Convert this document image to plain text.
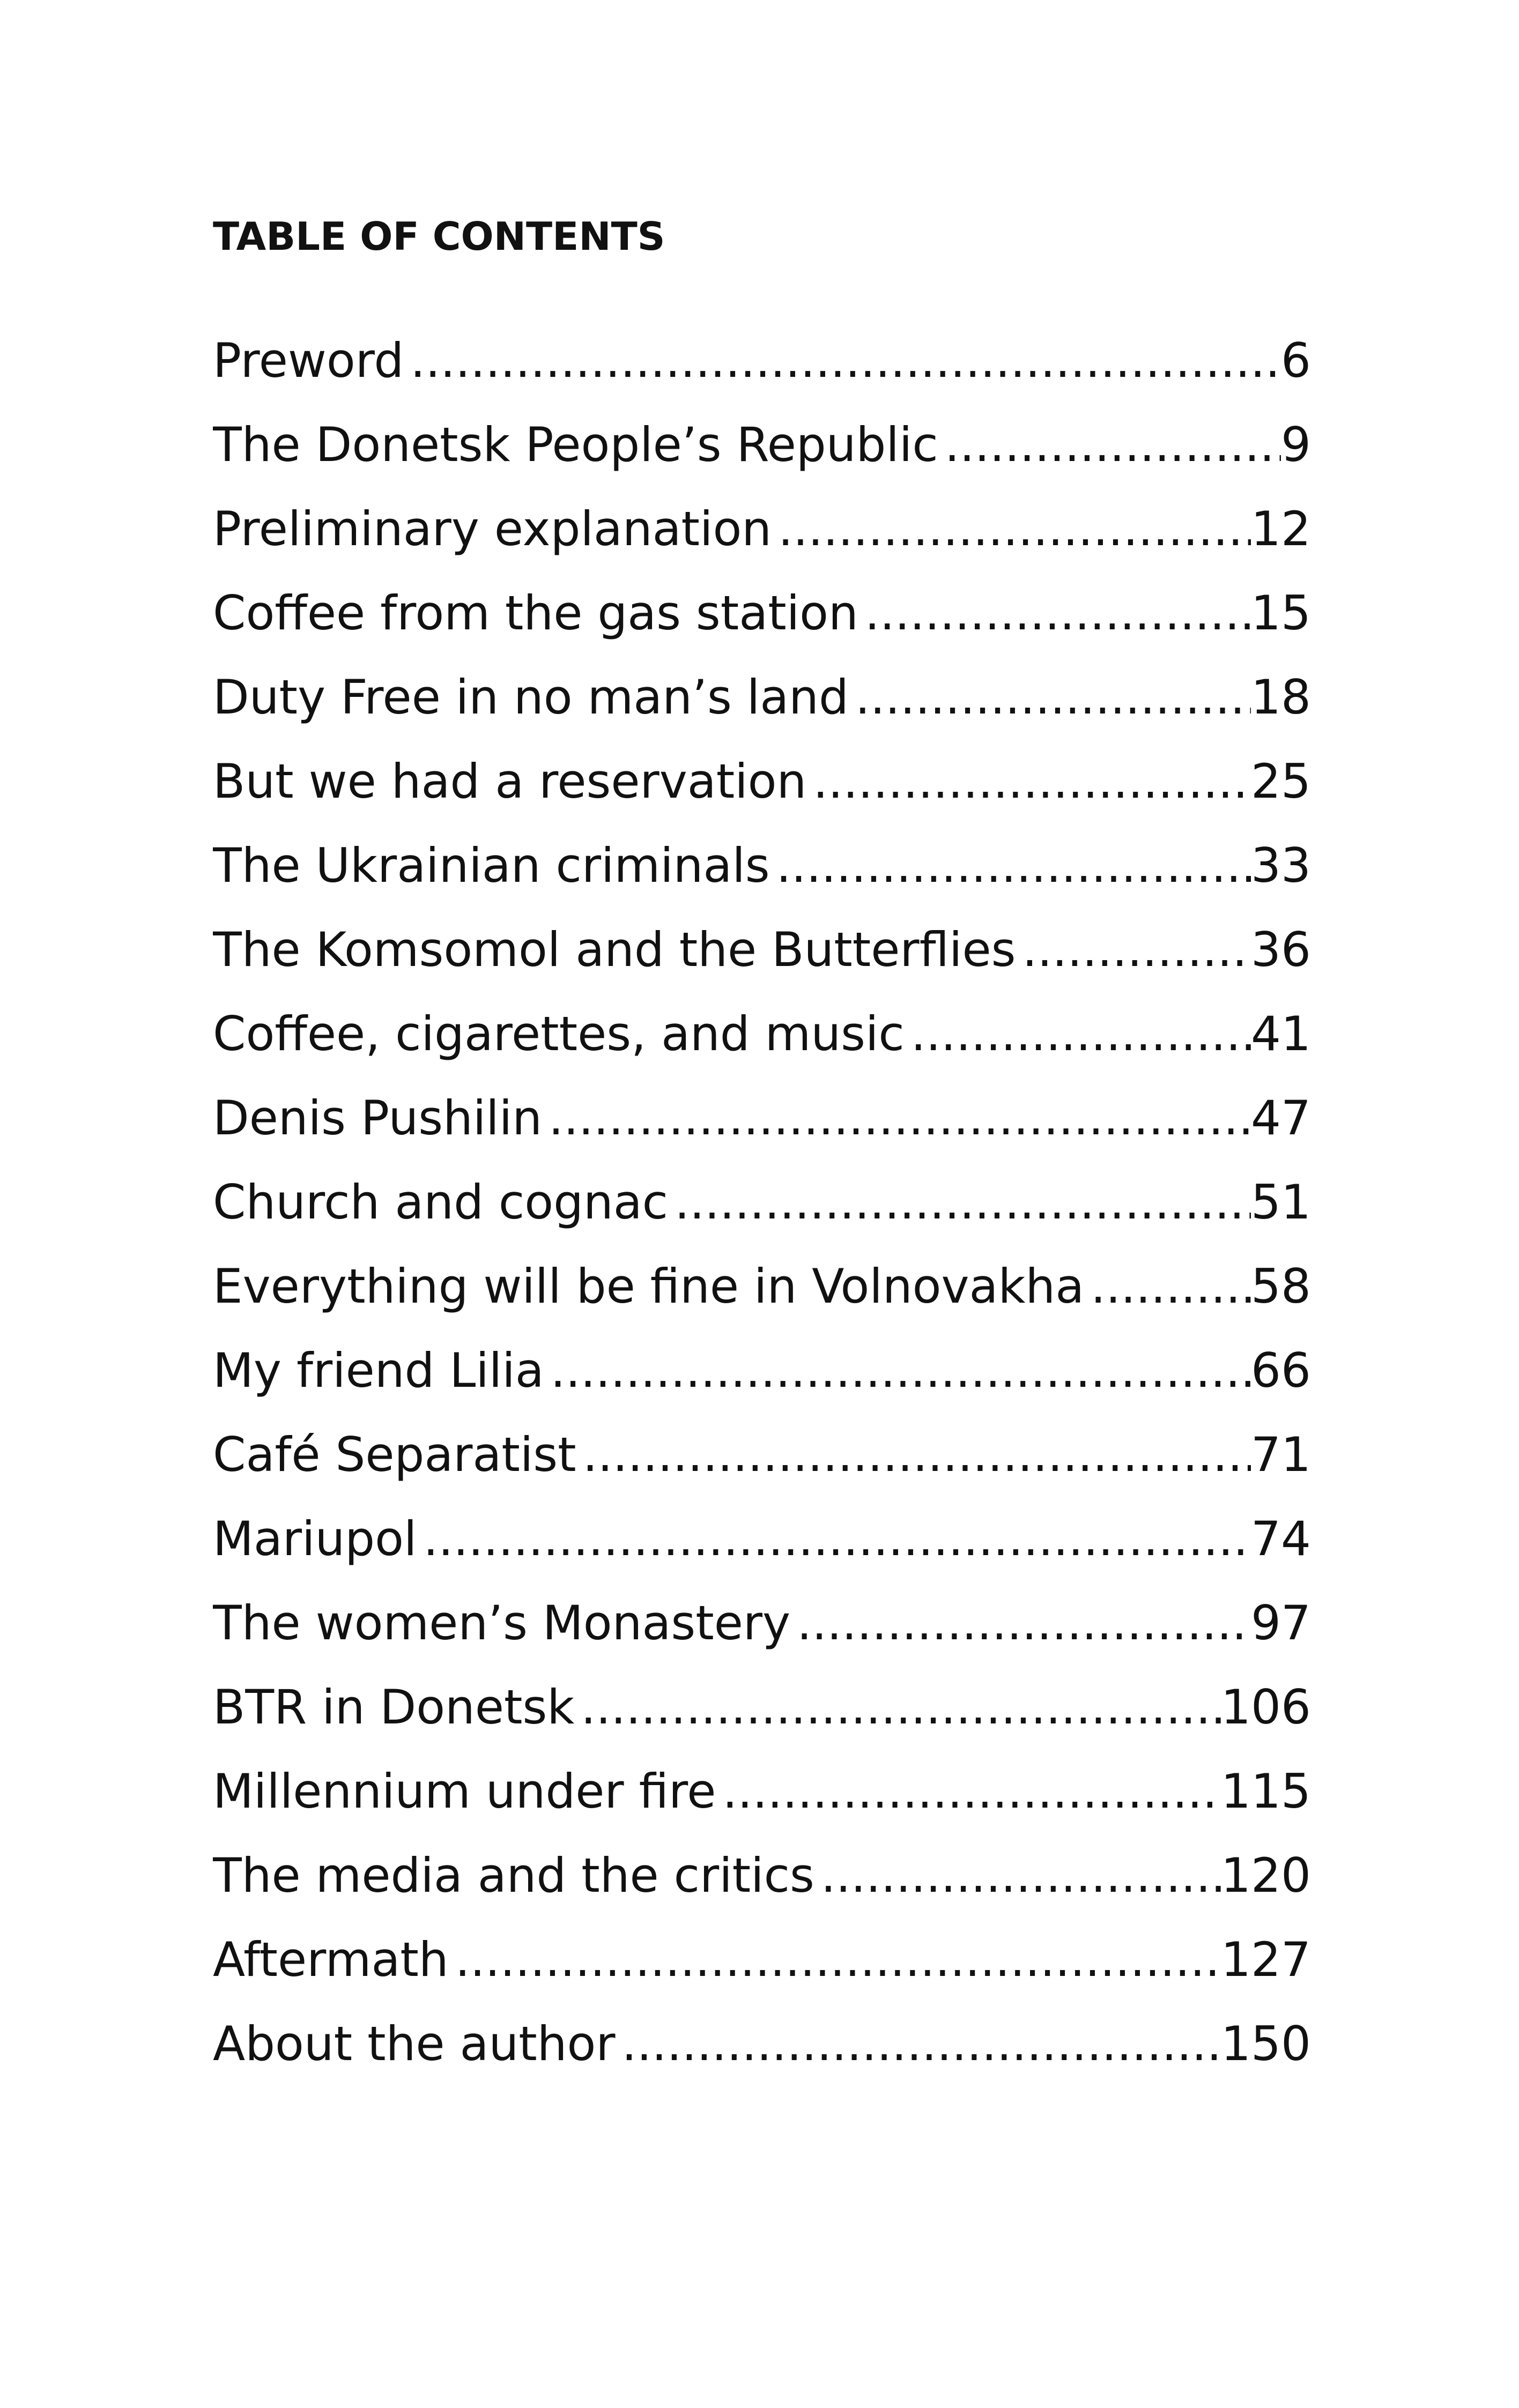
TABLE OF CONTENTS
Preword .....	6
The Donetsk People’s Republic .....	9
Preliminary explanation .....	12
Coffee from the gas station .....	15
Duty Free in no man’s land .....	18
But we had a reservation .....	25
The Ukrainian criminals .....	33
The Komsomol and the Butterflies .....	36
Coffee, cigarettes, and music .....	41
Denis Pushilin .....	47
Church and cognac .....	51
Everything will be fine in Volnovakha .....	58
My friend Lilia .....	66
Café Separatist .....	71
Mariupol .....	74
The women’s Monastery .....	97
BTR in Donetsk .....	106
Millennium under fire .....	115
The media and the critics .....	120
Aftermath .....	127
About the author .....	150
